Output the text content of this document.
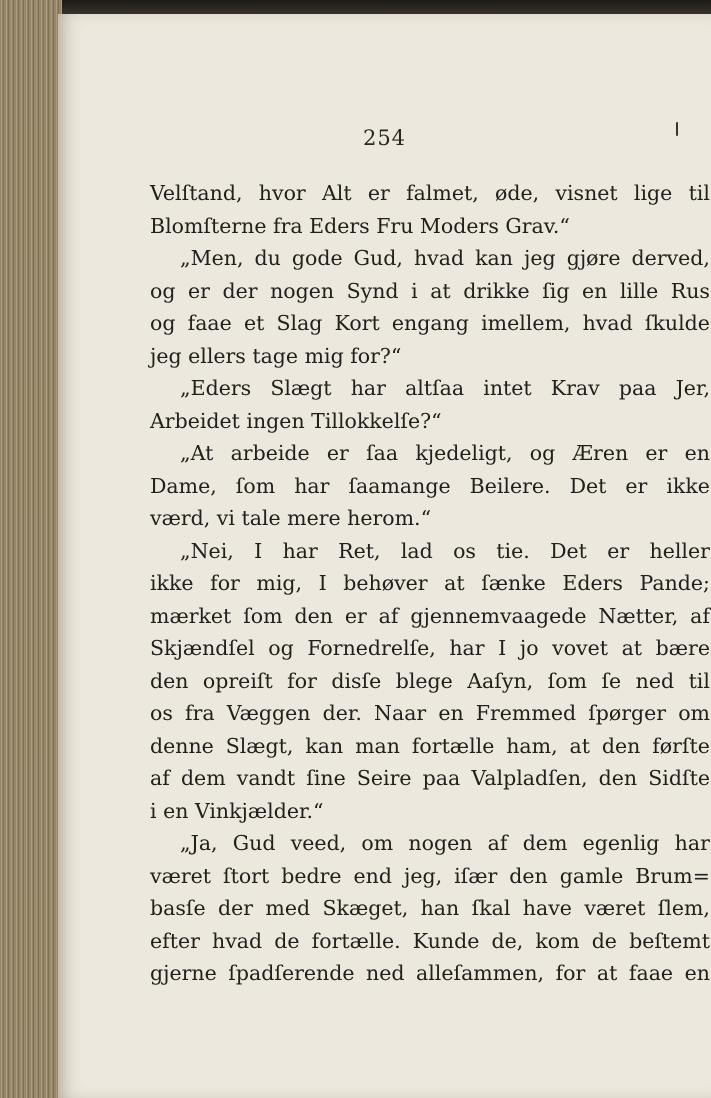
254
Velſtand, hvor Alt er falmet, øde, visnet lige til
Blomſterne fra Eders Fru Moders Grav.“
„Men, du gode Gud, hvad kan jeg gjøre derved,
og er der nogen Synd i at drikke ſig en lille Rus
og faae et Slag Kort engang imellem, hvad ſkulde
jeg ellers tage mig for?“
„Eders Slægt har altſaa intet Krav paa Jer,
Arbeidet ingen Tillokkelſe?“
„At arbeide er ſaa kjedeligt, og Æren er en
Dame, ſom har ſaamange Beilere. Det er ikke
værd, vi tale mere herom.“
„Nei, I har Ret, lad os tie. Det er heller
ikke for mig, I behøver at ſænke Eders Pande;
mærket ſom den er af gjennemvaagede Nætter, af
Skjændſel og Fornedrelſe, har I jo vovet at bære
den opreiſt for disſe blege Aaſyn, ſom ſe ned til
os fra Væggen der. Naar en Fremmed ſpørger om
denne Slægt, kan man fortælle ham, at den førſte
af dem vandt ſine Seire paa Valpladſen, den Sidſte
i en Vinkjælder.“
„Ja, Gud veed, om nogen af dem egenlig har
været ſtort bedre end jeg, iſær den gamle Brum=
basſe der med Skæget, han ſkal have været ſlem,
efter hvad de fortælle. Kunde de, kom de beſtemt
gjerne ſpadſerende ned alleſammen, for at faae en
